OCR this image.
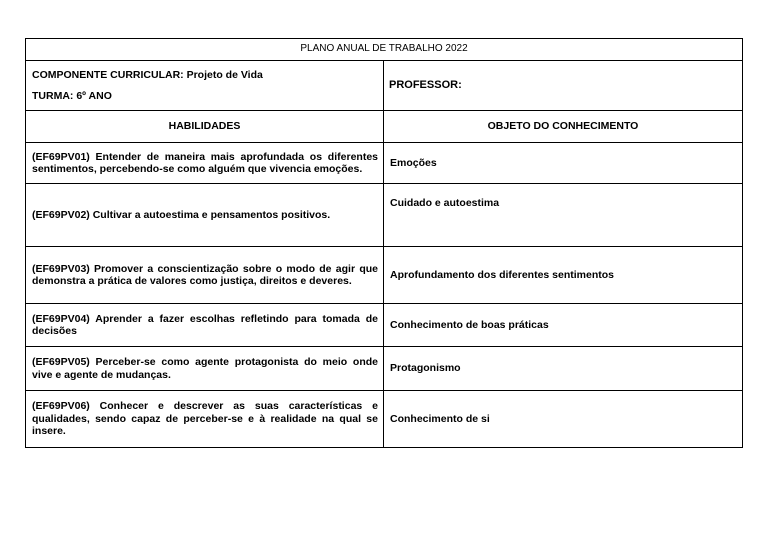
PLANO ANUAL DE TRABALHO 2022	

COMPONENTE CURRICULAR: Projeto de Vida
TURMA: 6º ANO	PROFESSOR:
HABILIDADES	OBJETO DO CONHECIMENTO
(EF69PV01) Entender de maneira mais aprofundada os diferentes sentimentos, percebendo-se como alguém que vivencia emoções.	Emoções
(EF69PV02) Cultivar a autoestima e pensamentos positivos.	Cuidado e autoestima
(EF69PV03) Promover a conscientização sobre o modo de agir que demonstra a prática de valores como justiça, direitos e deveres.	Aprofundamento dos diferentes sentimentos
(EF69PV04) Aprender a fazer escolhas refletindo para tomada de decisões	Conhecimento de boas práticas
(EF69PV05) Perceber-se como agente protagonista do meio onde vive e agente de mudanças.	Protagonismo
(EF69PV06) Conhecer e descrever as suas características e qualidades, sendo capaz de perceber-se e à realidade na qual se insere.	Conhecimento de si
